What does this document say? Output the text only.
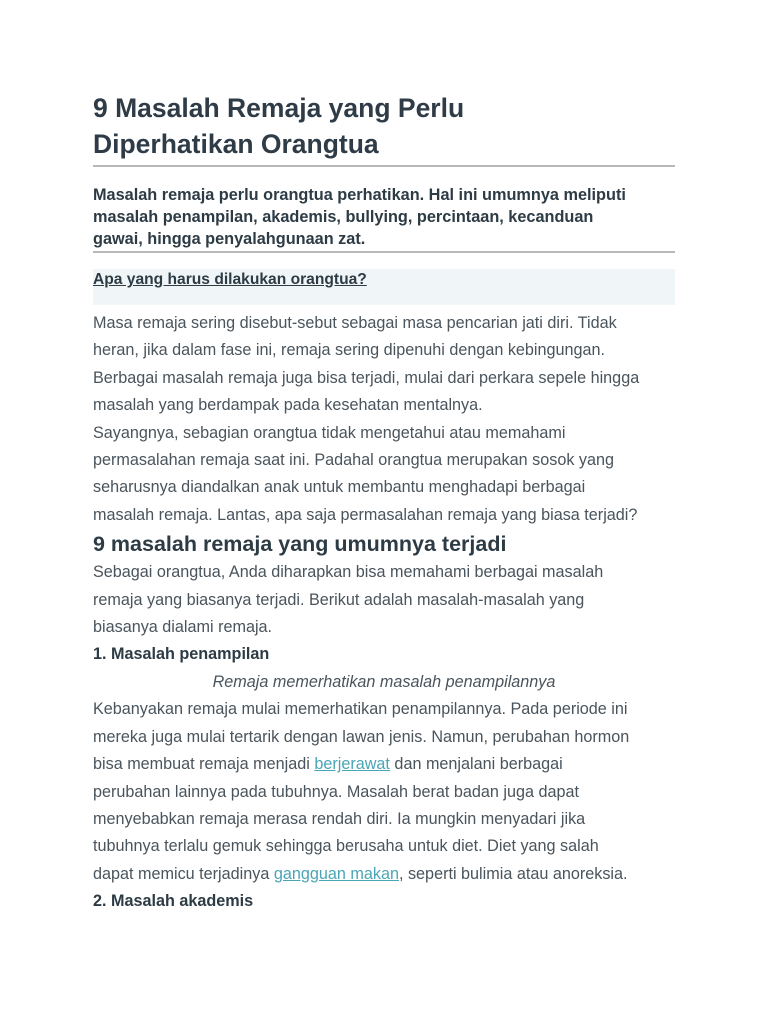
9 Masalah Remaja yang Perlu
Diperhatikan Orangtua
Masalah remaja perlu orangtua perhatikan. Hal ini umumnya meliputi
masalah penampilan, akademis, bullying, percintaan, kecanduan
gawai, hingga penyalahgunaan zat.
Apa yang harus dilakukan orangtua?
Masa remaja sering disebut-sebut sebagai masa pencarian jati diri. Tidak
heran, jika dalam fase ini, remaja sering dipenuhi dengan kebingungan.
Berbagai masalah remaja juga bisa terjadi, mulai dari perkara sepele hingga
masalah yang berdampak pada kesehatan mentalnya.
Sayangnya, sebagian orangtua tidak mengetahui atau memahami
permasalahan remaja saat ini. Padahal orangtua merupakan sosok yang
seharusnya diandalkan anak untuk membantu menghadapi berbagai
masalah remaja. Lantas, apa saja permasalahan remaja yang biasa terjadi?
9 masalah remaja yang umumnya terjadi
Sebagai orangtua, Anda diharapkan bisa memahami berbagai masalah
remaja yang biasanya terjadi. Berikut adalah masalah-masalah yang
biasanya dialami remaja.
1. Masalah penampilan

Remaja memerhatikan masalah penampilannya

Kebanyakan remaja mulai memerhatikan penampilannya. Pada periode ini
mereka juga mulai tertarik dengan lawan jenis. Namun, perubahan hormon
bisa membuat remaja menjadi berjerawat dan menjalani berbagai
perubahan lainnya pada tubuhnya. Masalah berat badan juga dapat
menyebabkan remaja merasa rendah diri. Ia mungkin menyadari jika
tubuhnya terlalu gemuk sehingga berusaha untuk diet. Diet yang salah
dapat memicu terjadinya gangguan makan, seperti bulimia atau anoreksia.
2. Masalah akademis
